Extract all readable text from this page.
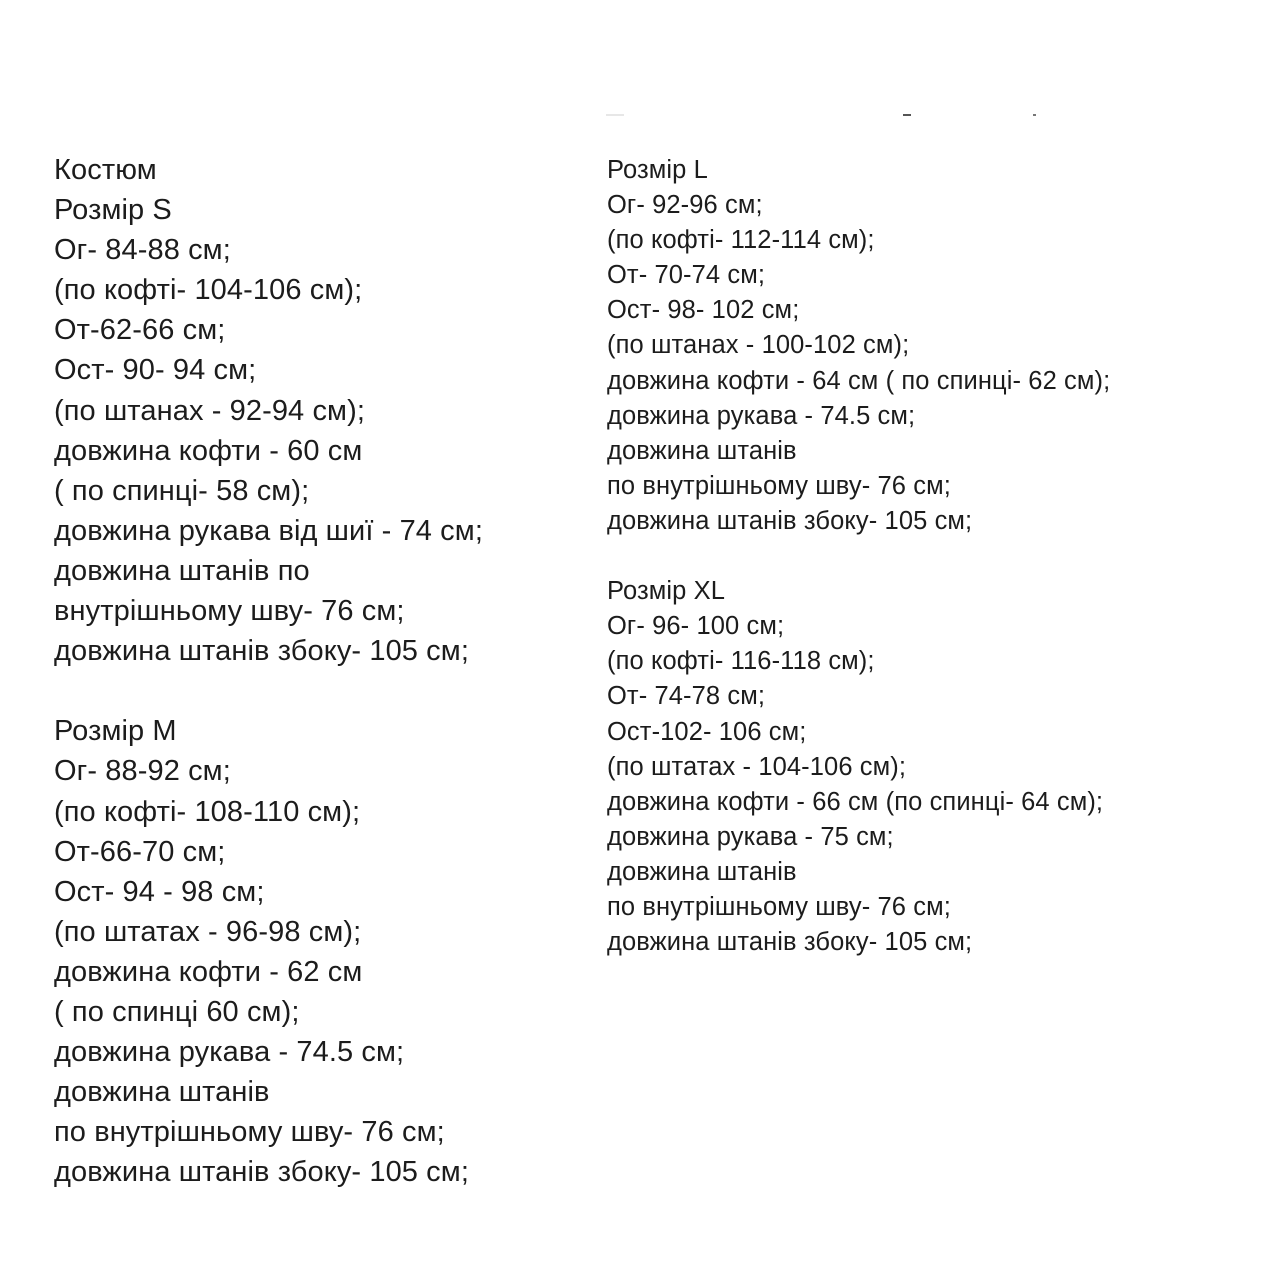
Костюм
Розмір S
Ог- 84-88 см;
(по кофті- 104-106 см);
От-62-66 см;
Ост- 90- 94 см;
(по штанах - 92-94 см);
довжина кофти - 60 см
( по спинці- 58 см);
довжина рукава від шиї - 74 см;
довжина штанів по
внутрішньому шву- 76 см;
довжина штанів збоку- 105 см;
Розмір M
Ог- 88-92 см;
(по кофті- 108-110 см);
От-66-70 см;
Ост- 94 - 98 см;
(по штатах - 96-98 см);
довжина кофти - 62 см
( по спинці 60 см);
довжина рукава - 74.5 см;
довжина штанів
по внутрішньому шву- 76 см;
довжина штанів збоку- 105 см;
Розмір L
Ог- 92-96 см;
(по кофті- 112-114 см);
От- 70-74 см;
Ост- 98- 102 см;
(по штанах - 100-102 см);
довжина кофти - 64 см ( по спинці- 62 см);
довжина рукава - 74.5 см;
довжина штанів
по внутрішньому шву- 76 см;
довжина штанів збоку- 105 см;
Розмір XL
Ог- 96- 100 см;
(по кофті- 116-118 см);
От- 74-78 см;
Ост-102- 106 см;
(по штатах - 104-106 см);
довжина кофти - 66 см (по спинці- 64 см);
довжина рукава - 75 см;
довжина штанів
по внутрішньому шву- 76 см;
довжина штанів збоку- 105 см;
